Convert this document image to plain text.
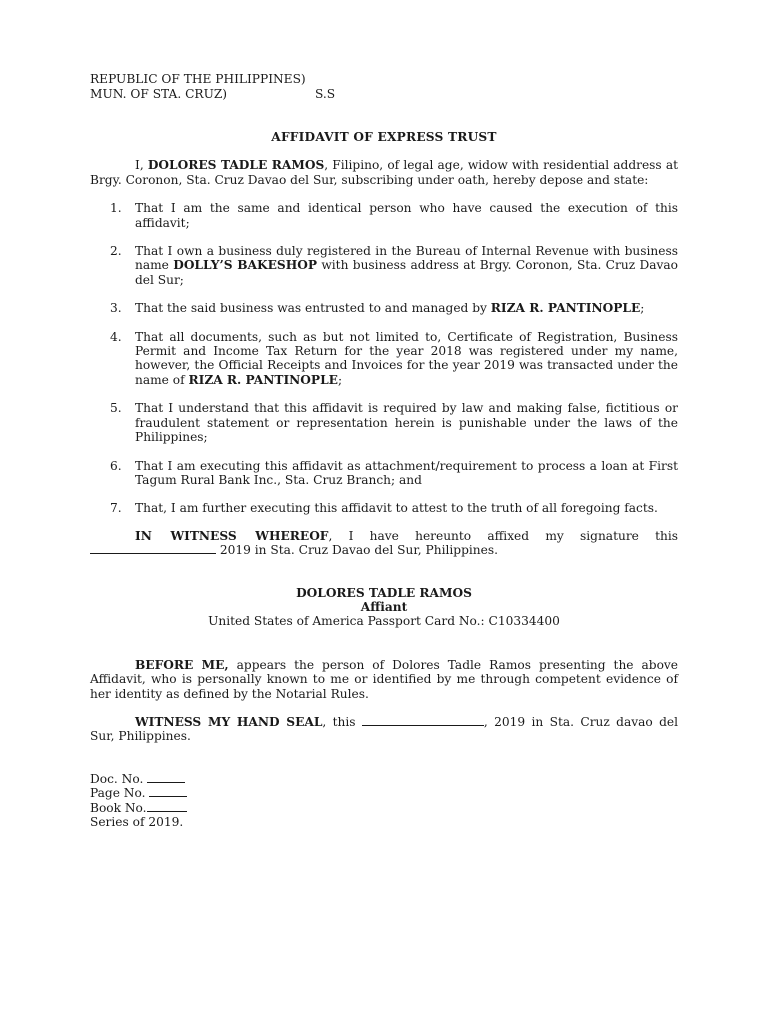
REPUBLIC OF THE PHILIPPINES)
MUN. OF STA. CRUZ)	S.S
AFFIDAVIT OF EXPRESS TRUST

I, DOLORES TADLE RAMOS, Filipino, of legal age, widow with residential address at Brgy. Coronon, Sta. Cruz Davao del Sur, subscribing under oath, hereby depose and state:

1. That I am the same and identical person who have caused the execution of this affidavit;
2. That I own a business duly registered in the Bureau of Internal Revenue with business name DOLLY’S BAKESHOP with business address at Brgy. Coronon, Sta. Cruz Davao del Sur;
3. That the said business was entrusted to and managed by RIZA R. PANTINOPLE;
4. That all documents, such as but not limited to, Certificate of Registration, Business Permit and Income Tax Return for the year 2018 was registered under my name, however, the Official Receipts and Invoices for the year 2019 was transacted under the name of RIZA R. PANTINOPLE;
5. That I understand that this affidavit is required by law and making false, fictitious or fraudulent statement or representation herein is punishable under the laws of the Philippines;
6. That I am executing this affidavit as attachment/requirement to process a loan at First Tagum Rural Bank Inc., Sta. Cruz Branch; and
7. That, I am further executing this affidavit to attest to the truth of all foregoing facts.

IN WITNESS WHEREOF, I have hereunto affixed my signature this  2019 in Sta. Cruz Davao del Sur, Philippines.

DOLORES TADLE RAMOS
Affiant
United States of America Passport Card No.: C10334400

BEFORE ME, appears the person of Dolores Tadle Ramos presenting the above Affidavit, who is personally known to me or identified by me through competent evidence of her identity as defined by the Notarial Rules.

WITNESS MY HAND SEAL, this	, 2019 in Sta. Cruz davao del Sur, Philippines.

Doc. No.
Page No.
Book No.
Series of 2019.
